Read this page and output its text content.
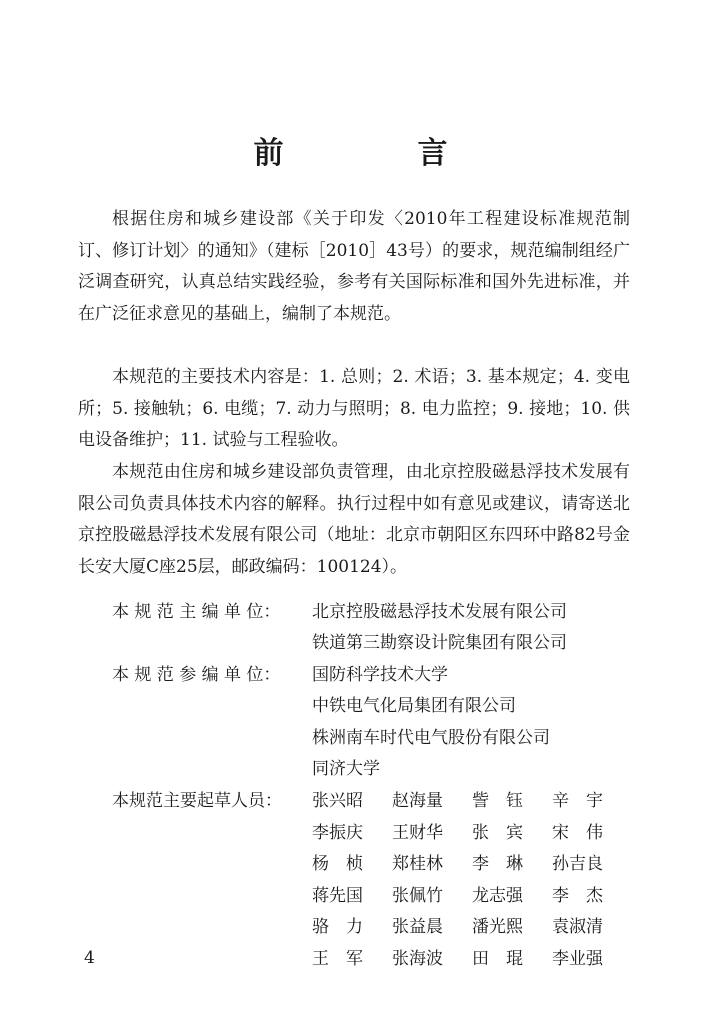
前　言

根据住房和城乡建设部《关于印发〈2010年工程建设标准规范制订、修订计划〉的通知》（建标［2010］43号）的要求，规范编制组经广泛调查研究，认真总结实践经验，参考有关国际标准和国外先进标准，并在广泛征求意见的基础上，编制了本规范。

本规范的主要技术内容是：1. 总则；2. 术语；3. 基本规定；4. 变电所；5. 接触轨；6. 电缆；7. 动力与照明；8. 电力监控；9. 接地；10. 供电设备维护；11. 试验与工程验收。

本规范由住房和城乡建设部负责管理，由北京控股磁悬浮技术发展有限公司负责具体技术内容的解释。执行过程中如有意见或建议，请寄送北京控股磁悬浮技术发展有限公司（地址：北京市朝阳区东四环中路82号金长安大厦C座25层，邮政编码：100124）。

本 规 范 主 编 单 位： 北京控股磁悬浮技术发展有限公司
铁道第三勘察设计院集团有限公司
本 规 范 参 编 单 位： 国防科学技术大学
中铁电气化局集团有限公司
株洲南车时代电气股份有限公司
同济大学
本规范主要起草人员： 张兴昭	赵海量	訾　钰	辛　宇
李振庆	王财华	张　宾	宋　伟
杨　桢	郑桂林	李　琳	孙吉良
蒋先国	张佩竹	龙志强	李　杰
骆　力	张益晨	潘光熙	袁淑清
王　军	张海波	田　琨	李业强
4
